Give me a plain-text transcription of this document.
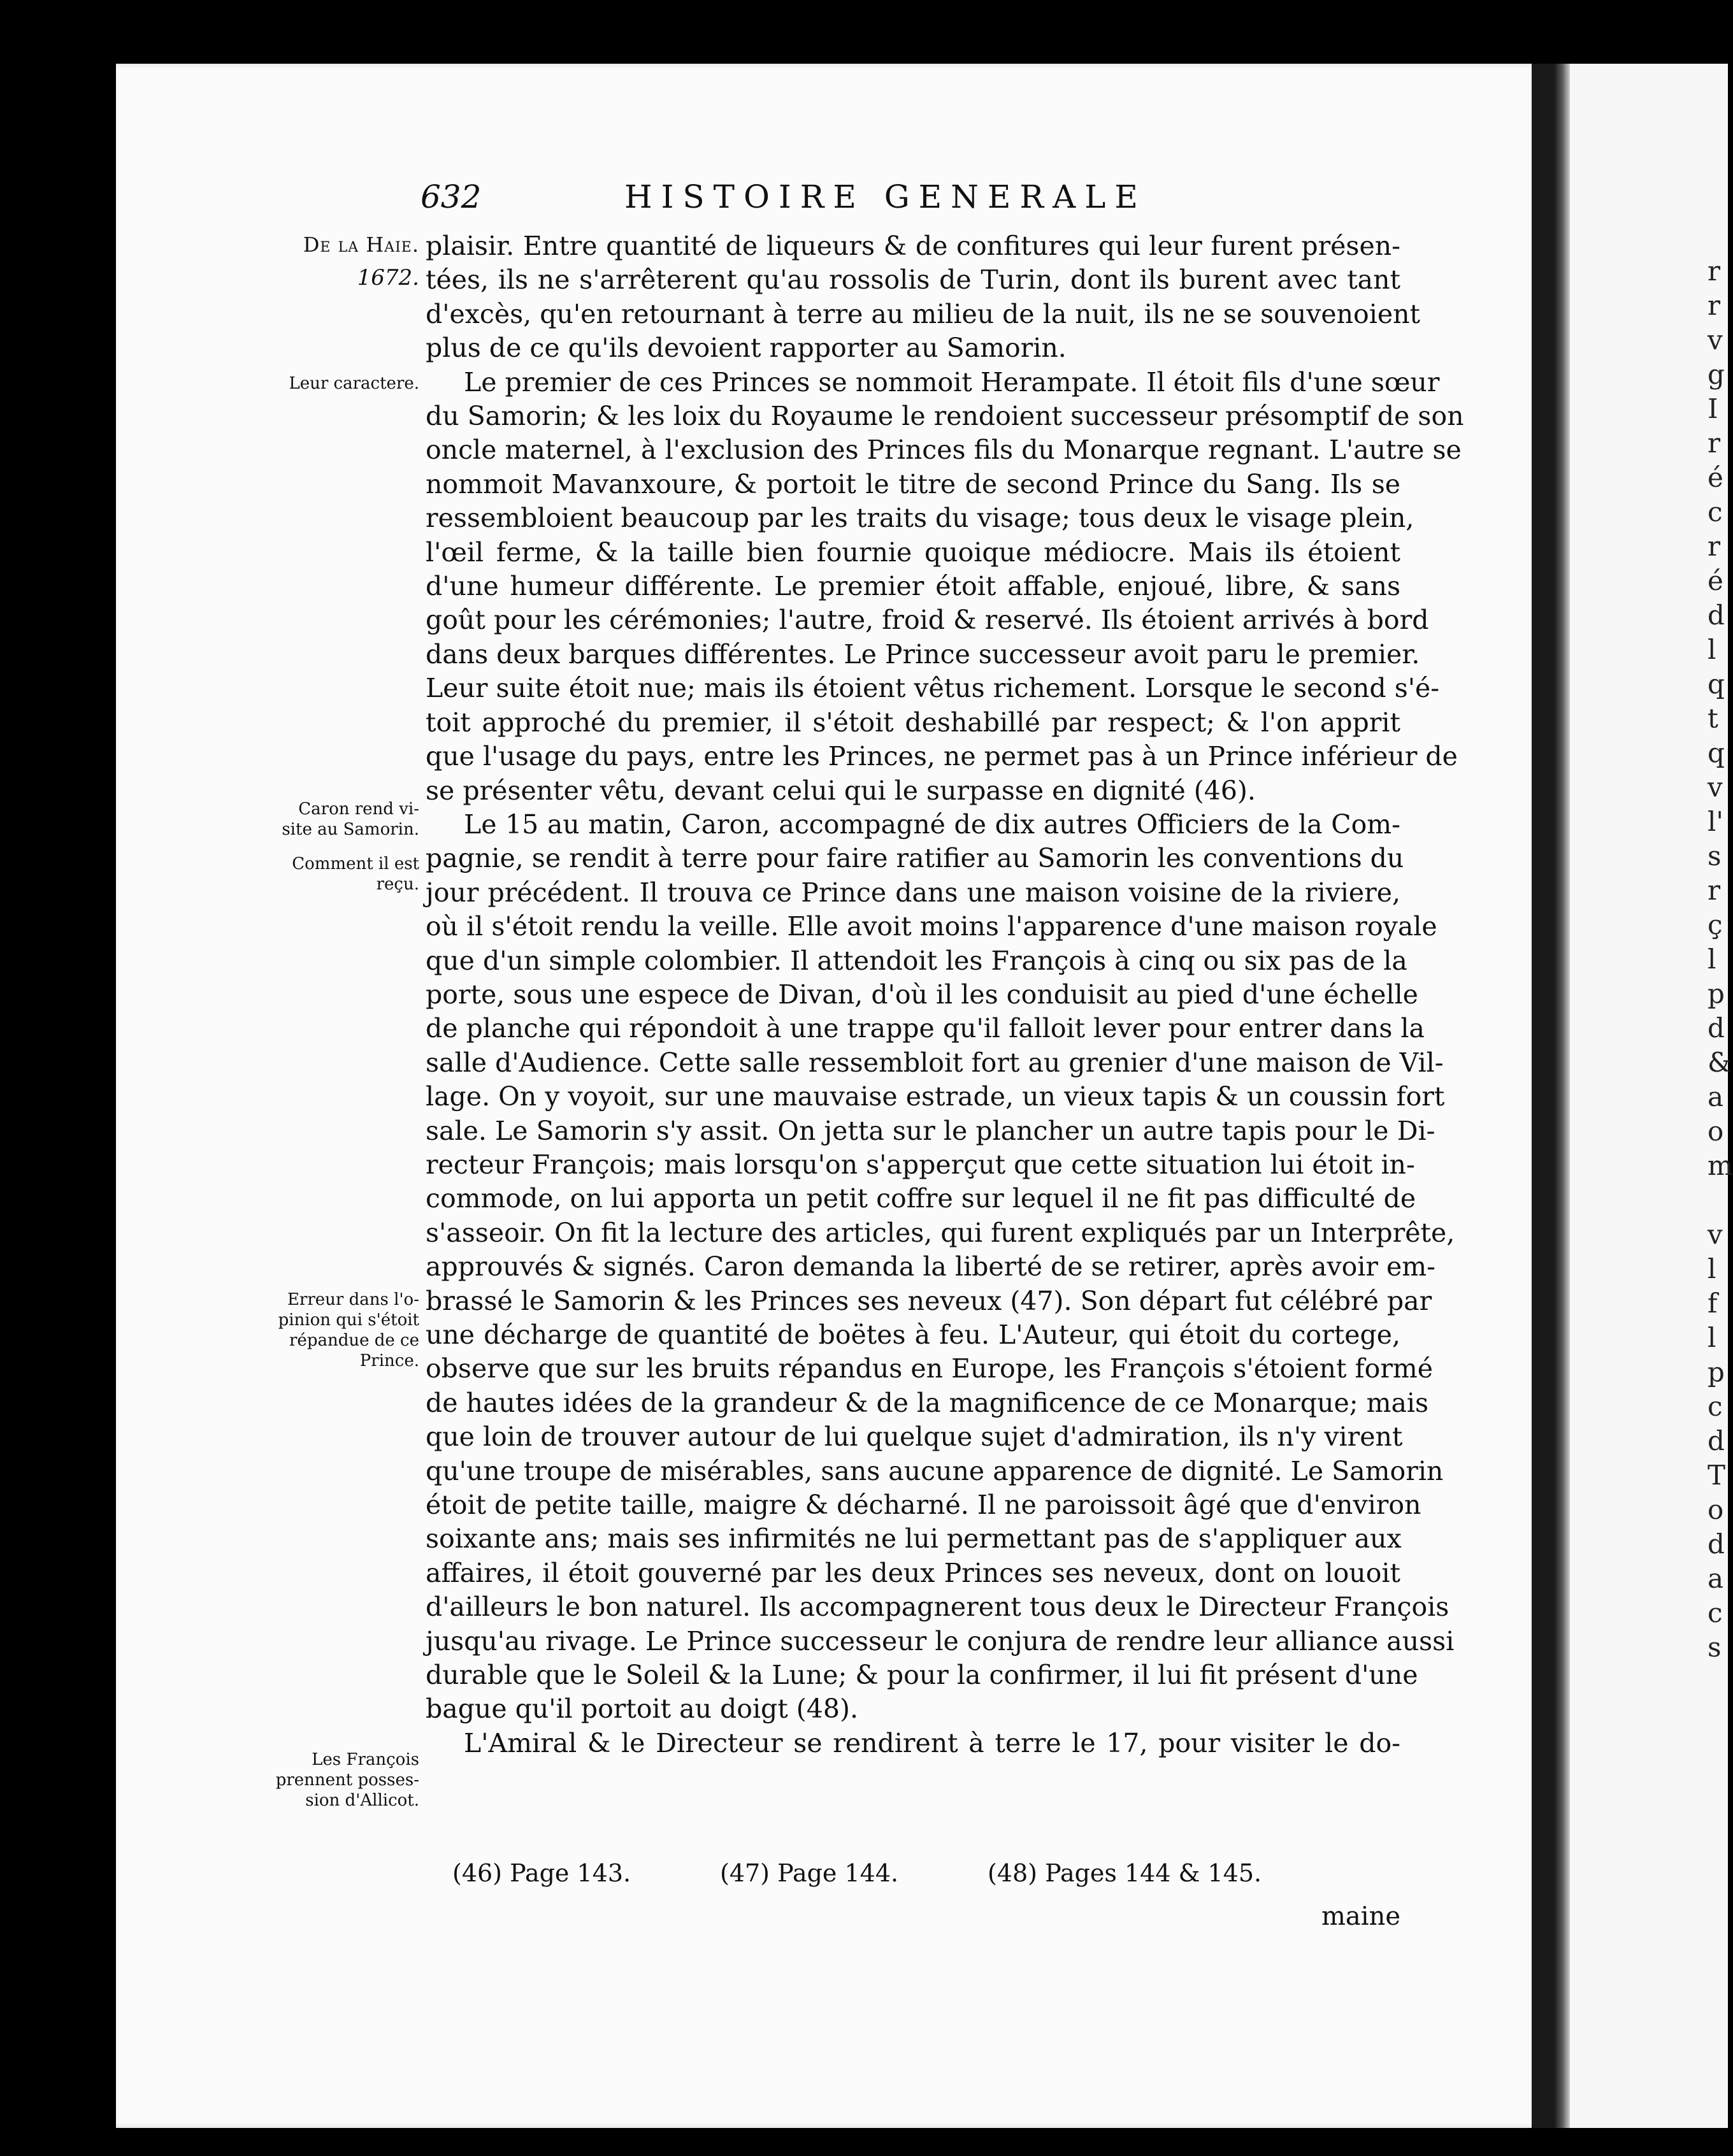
r
r
v
g
I
r
é
c
r
é
d
l
q
t
q
v
l'
s
r
ç
l
p
d
&
a
o
m
v
l
f
l
p
c
d
T
o
d
a
c
s
632	HISTOIRE GENERALE
De la Haie.
1672.
Leur caractere.
Caron rend vi-
site au Samorin.
Comment il est
reçu.
Erreur dans l'o-
pinion qui s'étoit
répandue de ce
Prince.
Les François
prennent posses-
sion d'Allicot.
plaisir. Entre quantité de liqueurs & de confitures qui leur furent présen-
tées, ils ne s'arrêterent qu'au rossolis de Turin, dont ils burent avec tant
d'excès, qu'en retournant à terre au milieu de la nuit, ils ne se souvenoient
plus de ce qu'ils devoient rapporter au Samorin.
Le premier de ces Princes se nommoit Herampate. Il étoit fils d'une sœur
du Samorin; & les loix du Royaume le rendoient successeur présomptif de son
oncle maternel, à l'exclusion des Princes fils du Monarque regnant. L'autre se
nommoit Mavanxoure, & portoit le titre de second Prince du Sang. Ils se
ressembloient beaucoup par les traits du visage; tous deux le visage plein,
l'œil ferme, & la taille bien fournie quoique médiocre. Mais ils étoient
d'une humeur différente. Le premier étoit affable, enjoué, libre, & sans
goût pour les cérémonies; l'autre, froid & reservé. Ils étoient arrivés à bord
dans deux barques différentes. Le Prince successeur avoit paru le premier.
Leur suite étoit nue; mais ils étoient vêtus richement. Lorsque le second s'é-
toit approché du premier, il s'étoit deshabillé par respect; & l'on apprit
que l'usage du pays, entre les Princes, ne permet pas à un Prince inférieur de
se présenter vêtu, devant celui qui le surpasse en dignité (46).
Le 15 au matin, Caron, accompagné de dix autres Officiers de la Com-
pagnie, se rendit à terre pour faire ratifier au Samorin les conventions du
jour précédent. Il trouva ce Prince dans une maison voisine de la riviere,
où il s'étoit rendu la veille. Elle avoit moins l'apparence d'une maison royale
que d'un simple colombier. Il attendoit les François à cinq ou six pas de la
porte, sous une espece de Divan, d'où il les conduisit au pied d'une échelle
de planche qui répondoit à une trappe qu'il falloit lever pour entrer dans la
salle d'Audience. Cette salle ressembloit fort au grenier d'une maison de Vil-
lage. On y voyoit, sur une mauvaise estrade, un vieux tapis & un coussin fort
sale. Le Samorin s'y assit. On jetta sur le plancher un autre tapis pour le Di-
recteur François; mais lorsqu'on s'apperçut que cette situation lui étoit in-
commode, on lui apporta un petit coffre sur lequel il ne fit pas difficulté de
s'asseoir. On fit la lecture des articles, qui furent expliqués par un Interprête,
approuvés & signés. Caron demanda la liberté de se retirer, après avoir em-
brassé le Samorin & les Princes ses neveux (47). Son départ fut célébré par
une décharge de quantité de boëtes à feu. L'Auteur, qui étoit du cortege,
observe que sur les bruits répandus en Europe, les François s'étoient formé
de hautes idées de la grandeur & de la magnificence de ce Monarque; mais
que loin de trouver autour de lui quelque sujet d'admiration, ils n'y virent
qu'une troupe de misérables, sans aucune apparence de dignité. Le Samorin
étoit de petite taille, maigre & décharné. Il ne paroissoit âgé que d'environ
soixante ans; mais ses infirmités ne lui permettant pas de s'appliquer aux
affaires, il étoit gouverné par les deux Princes ses neveux, dont on louoit
d'ailleurs le bon naturel. Ils accompagnerent tous deux le Directeur François
jusqu'au rivage. Le Prince successeur le conjura de rendre leur alliance aussi
durable que le Soleil & la Lune; & pour la confirmer, il lui fit présent d'une
bague qu'il portoit au doigt (48).
L'Amiral & le Directeur se rendirent à terre le 17, pour visiter le do-
(46) Page 143.	(47) Page 144.	(48) Pages 144 & 145.
maine
